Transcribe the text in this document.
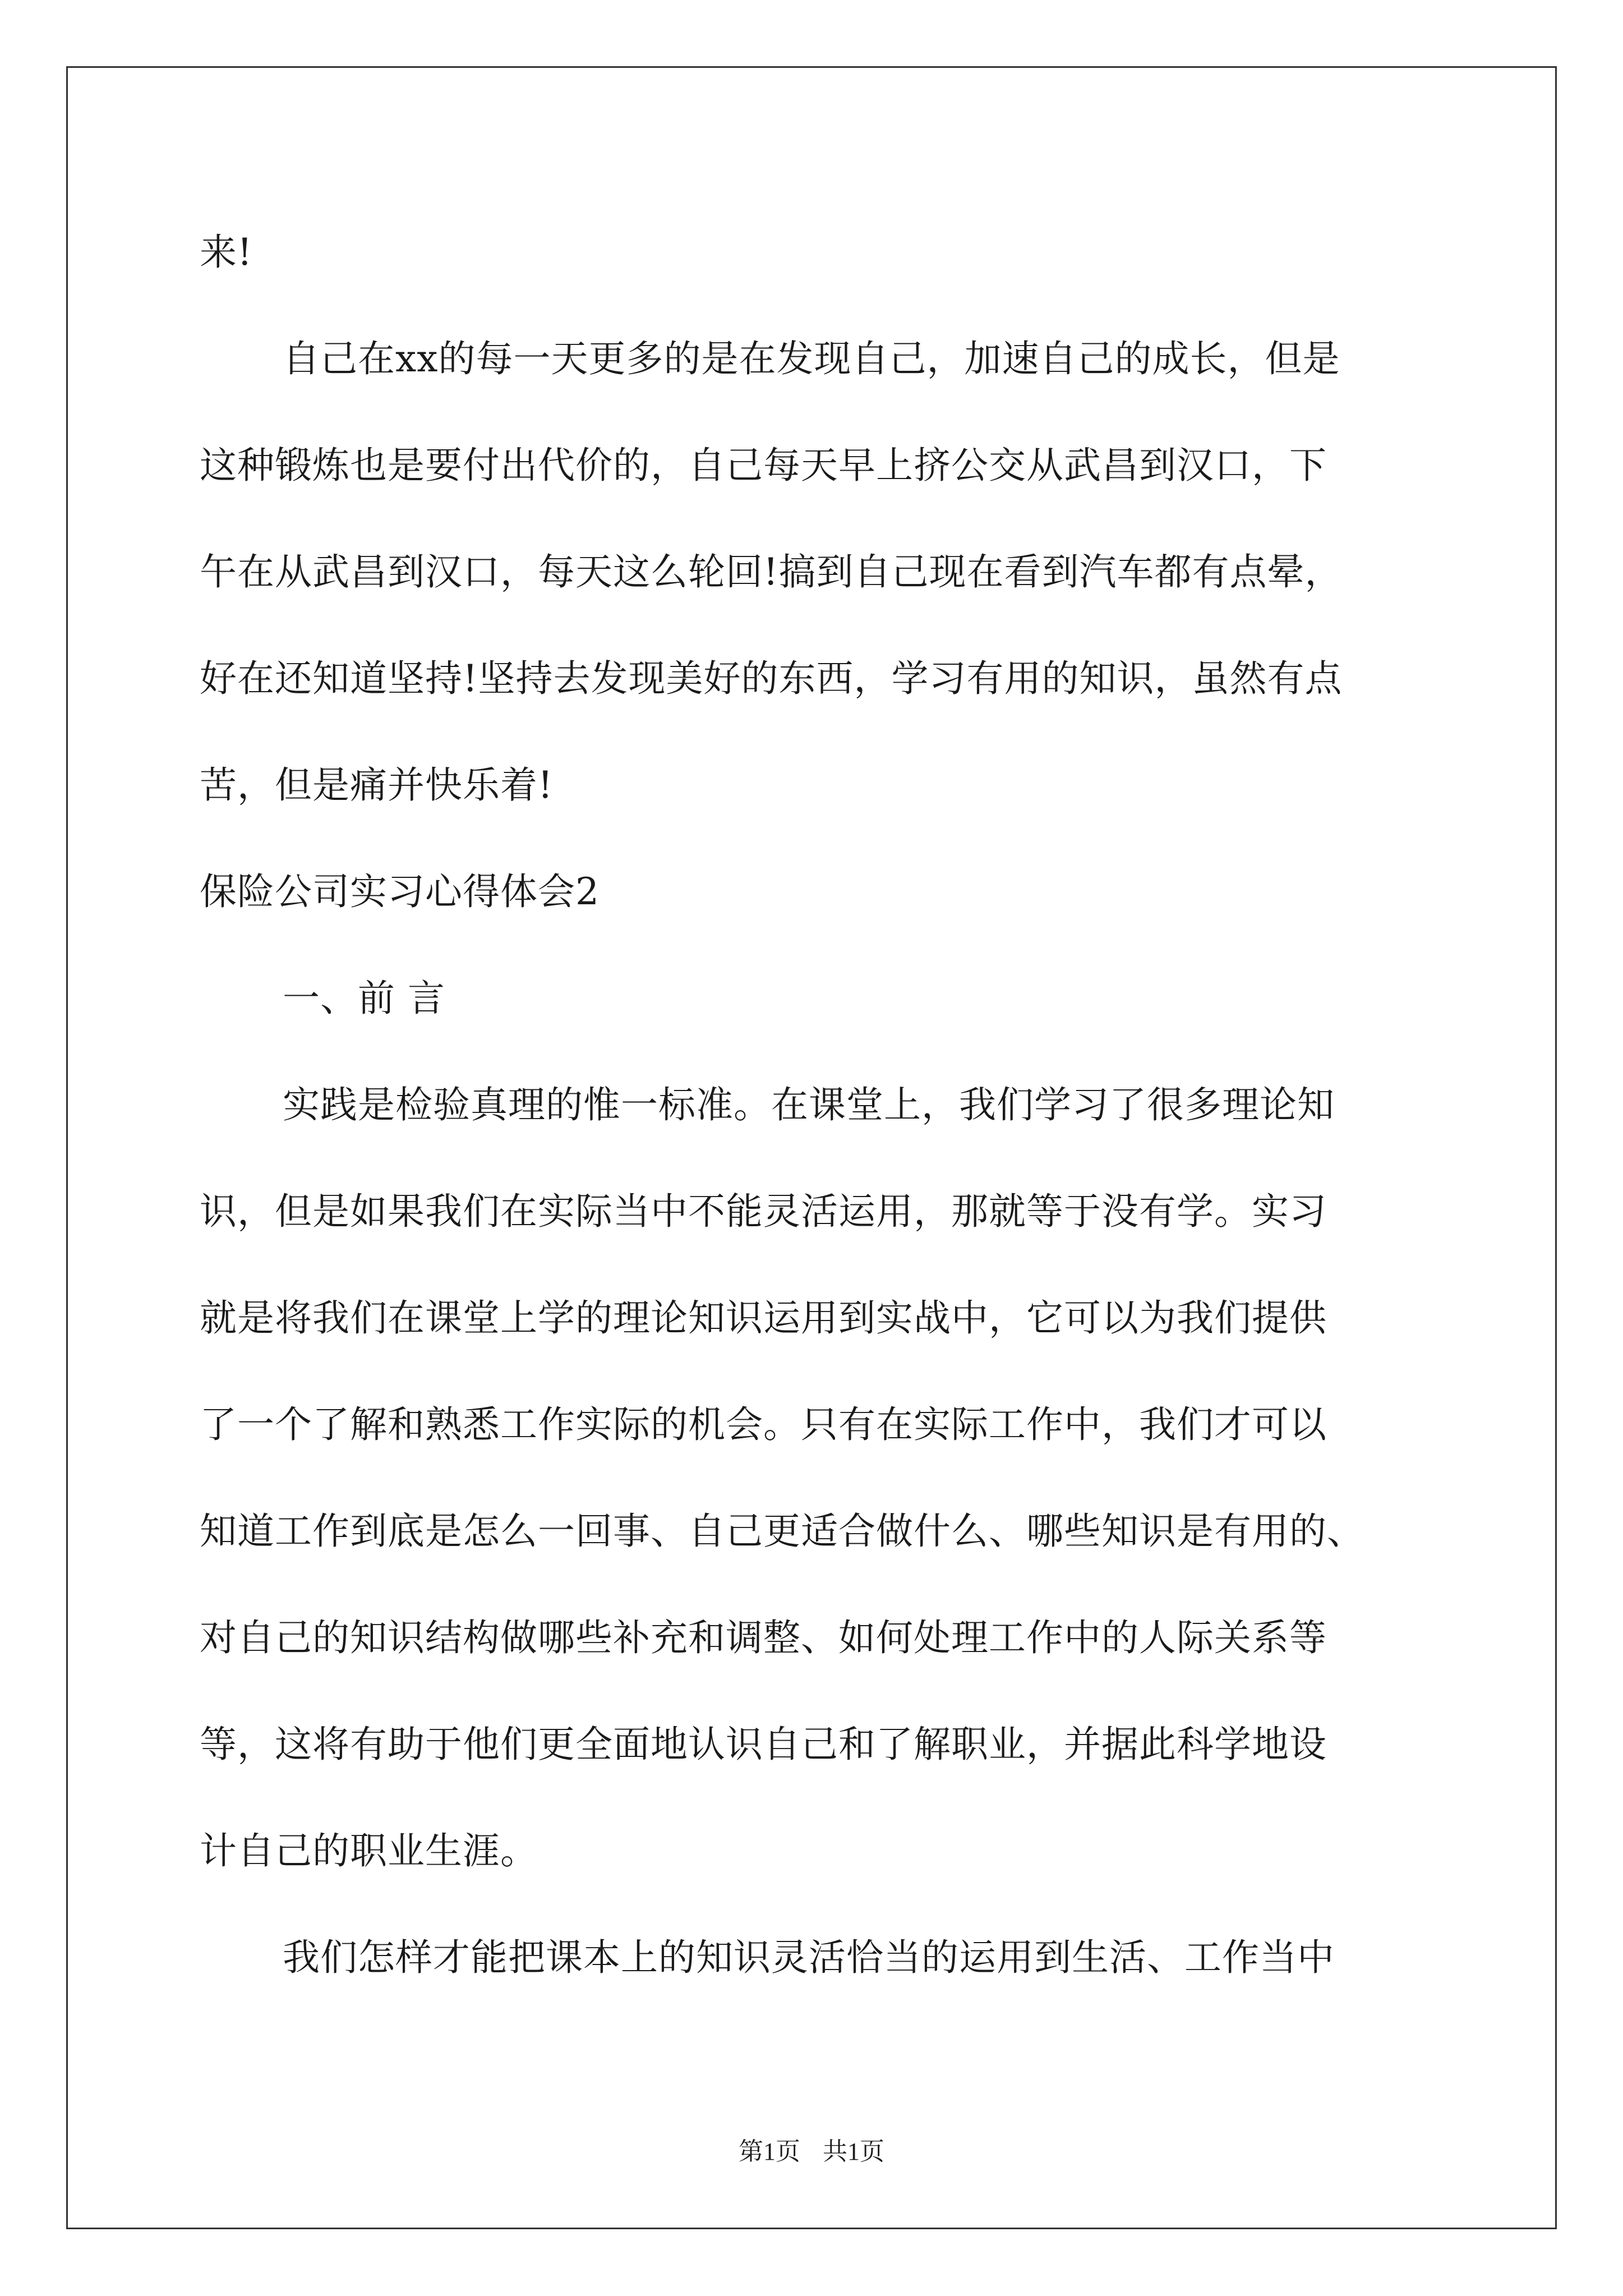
来!
自己在xx的每一天更多的是在发现自己，加速自己的成长，但是
这种锻炼也是要付出代价的，自己每天早上挤公交从武昌到汉口，下
午在从武昌到汉口，每天这么轮回!搞到自己现在看到汽车都有点晕，
好在还知道坚持!坚持去发现美好的东西，学习有用的知识，虽然有点
苦，但是痛并快乐着!
保险公司实习心得体会2
一、前 言
实践是检验真理的惟一标准。在课堂上，我们学习了很多理论知
识，但是如果我们在实际当中不能灵活运用，那就等于没有学。实习
就是将我们在课堂上学的理论知识运用到实战中，它可以为我们提供
了一个了解和熟悉工作实际的机会。只有在实际工作中，我们才可以
知道工作到底是怎么一回事、自己更适合做什么、哪些知识是有用的、
对自己的知识结构做哪些补充和调整、如何处理工作中的人际关系等
等，这将有助于他们更全面地认识自己和了解职业，并据此科学地设
计自己的职业生涯。
我们怎样才能把课本上的知识灵活恰当的运用到生活、工作当中
第1页 共1页
